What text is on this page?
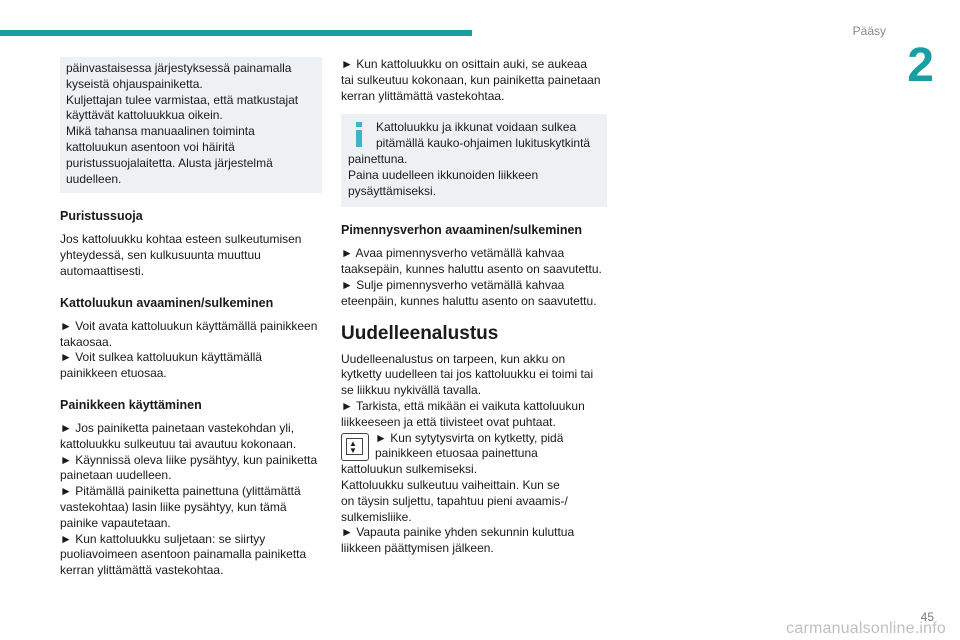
Pääsy
2

päinvastaisessa järjestyksessä painamalla

kyseistä ohjauspainiketta.

Kuljettajan tulee varmistaa, että matkustajat

käyttävät kattoluukkua oikein.

Mikä tahansa manuaalinen toiminta

kattoluukun asentoon voi häiritä

puristussuojalaitetta. Alusta järjestelmä

uudelleen.

Puristussuoja

Jos kattoluukku kohtaa esteen sulkeutumisen

yhteydessä, sen kulkusuunta muuttuu

automaattisesti.

Kattoluukun avaaminen/sulkeminen

► Voit avata kattoluukun käyttämällä painikkeen

takaosaa.

► Voit sulkea kattoluukun käyttämällä

painikkeen etuosaa.

Painikkeen käyttäminen

► Jos painiketta painetaan vastekohdan yli,

kattoluukku sulkeutuu tai avautuu kokonaan.

► Käynnissä oleva liike pysähtyy, kun painiketta

painetaan uudelleen.

► Pitämällä painiketta painettuna (ylittämättä

vastekohtaa) lasin liike pysähtyy, kun tämä

painike vapautetaan.

► Kun kattoluukku suljetaan: se siirtyy

puoliavoimeen asentoon painamalla painiketta

kerran ylittämättä vastekohtaa.

► Kun kattoluukku on osittain auki, se aukeaa

tai sulkeutuu kokonaan, kun painiketta painetaan

kerran ylittämättä vastekohtaa.

Kattoluukku ja ikkunat voidaan sulkea

pitämällä kauko-ohjaimen lukituskytkintä

painettuna.

Paina uudelleen ikkunoiden liikkeen

pysäyttämiseksi.

Pimennysverhon avaaminen/sulkeminen

► Avaa pimennysverho vetämällä kahvaa

taaksepäin, kunnes haluttu asento on saavutettu.

► Sulje pimennysverho vetämällä kahvaa

eteenpäin, kunnes haluttu asento on saavutettu.

Uudelleenalustus

Uudelleenalustus on tarpeen, kun akku on

kytketty uudelleen tai jos kattoluukku ei toimi tai

se liikkuu nykivällä tavalla.

► Tarkista, että mikään ei vaikuta kattoluukun

liikkeeseen ja että tiivisteet ovat puhtaat.

▲
▼

► Kun sytytysvirta on kytketty, pidä

painikkeen etuosaa painettuna

kattoluukun sulkemiseksi.

Kattoluukku sulkeutuu vaiheittain. Kun se

on täysin suljettu, tapahtuu pieni avaamis-/

sulkemisliike.

► Vapauta painike yhden sekunnin kuluttua

liikkeen päättymisen jälkeen.

45
carmanualsonline.info
